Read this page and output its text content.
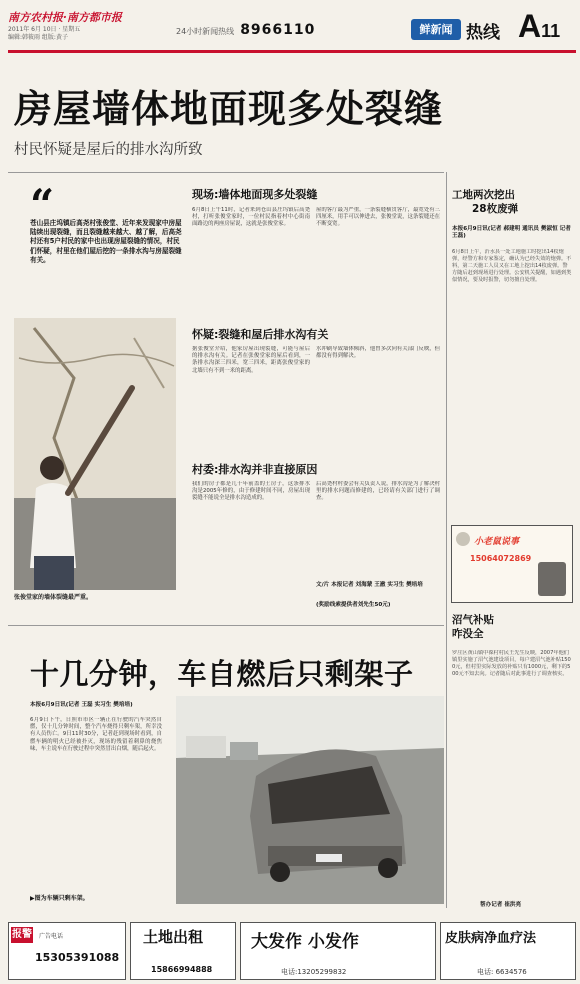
南方农村报·南方都市报
2011年 6月 10日 · 星期五
编辑:韩筱雨 组版:黄子
24小时新闻热线 8966110	鲜新闻 热线 A11
房屋墙体地面现多处裂缝
村民怀疑是屋后的排水沟所致
“
苍山县庄坞镇后高尧村张俊堂、近年来发现家中房屋陆续出现裂缝，而且裂缝越来越大、越了解，后高尧村还有5户村民的家中也出现房屋裂缝的情况，村民们怀疑，村里在他们屋后挖的一条排水沟与房屋裂缝有关。
张俊堂家的墙体裂缝最严重。
现场:墙体地面现多处裂缝
6月8日上午11时，记者来到苍山县庄坞镇后高尧村，打听张俊堂家时，一位村民指着村中心街南面路边的两座房屋说，这就是张俊堂家。
屋的客厅最为严重，一条裂缝横贯客厅，最宽处有三四厘米，用手可以伸进去，张俊堂说，这条裂缝还在不断变宽。
怀疑:裂缝和屋后排水沟有关
据张俊堂介绍，他家房屋出现裂缝，可能与屋后的排水沟有关。记者在张俊堂家的屋后看到，一条排水沟深三四米，宽三四米，距离张俊堂家的北墙只有不到一米的距离。
水冲刷导致墙体倾斜，他曾多次向有关部门反映，但都没有得到解决。
村委:排水沟并非直接原因
我们的房子都是几十年前盖的土房子，这条排水沟是2005年修的，由于修建时间不同，房屋出现裂缝不能说全是排水沟造成的。
后高尧村村委会有关负责人说，排水沟是为了解决村里的排水问题而修建的，已经请有关部门进行了调查。
文/片 本报记者 刘海蒙 王澈 实习生 樊培培
(奖励线索提供者刘先生50元)
工地两次挖出
28枚废弹
本报6月9日讯(记者 郝建明 通讯员 樊淑恒 记者 王磊)
6月8日上午，沂水县一处工地施工时挖出14枚炮弹，经警方和专家鉴定，确认为已经失效的炮弹。不料，第二天施工人员又在工地上挖出14枚废弹。警方随后赶到现场进行处理。公安机关提醒，如遇到类似情况，要及时报警，切勿擅自处理。
小老鼠说事
15064072869
沼气补贴
咋没全
罗庄区黄山镇中葆村村民王先生反映，2007年他们镇里实施了沼气池建设项目，每户建沼气池补贴1500元，但村里实际发放的补贴只有1000元，剩下的500元不知去向。记者随后对此事进行了调查核实。
帮办记者 崔洪亮
十几分钟，车自燃后只剩架子
本报6月9日讯(记者 王磊 实习生 樊培培)
6月9日下午，日照市市区一辆正在行驶的汽车突然自燃，仅十几分钟时间，整个汽车烧得只剩车架，所幸没有人员伤亡。9日11时30分，记者赶到现场时看到，自燃车辆的明火已经被扑灭，现场的残留着刺鼻的烧焦味，车主说车在行驶过程中突然冒出白烟，随后起火。
▶图为车辆只剩车架。
报警 广告电话
15305391088
土地出租
15866994888
大发作 小发作
电话:13205299832
皮肤病净血疗法
电话: 6634576
